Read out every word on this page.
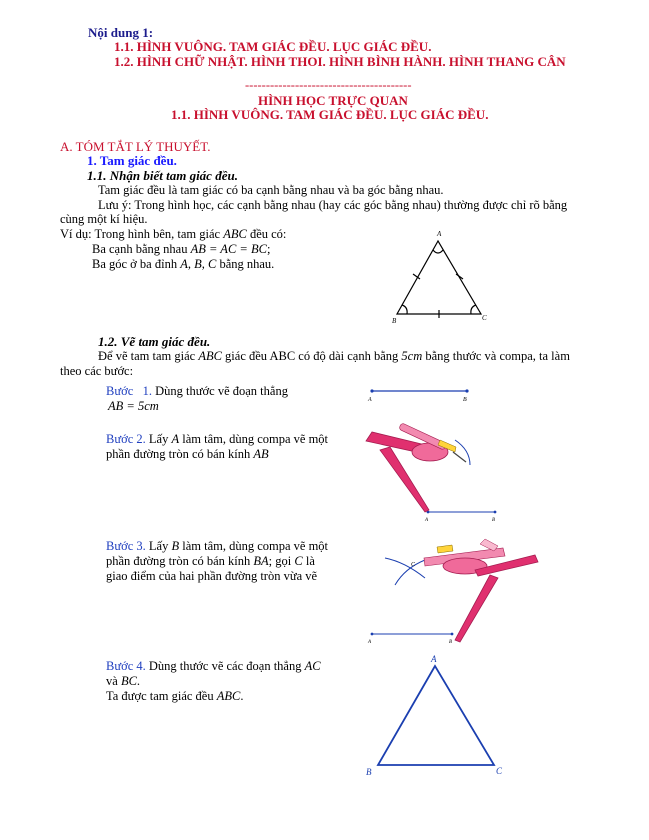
Nội dung 1:
1.1. HÌNH VUÔNG. TAM GIÁC ĐỀU. LỤC GIÁC ĐỀU.
1.2. HÌNH CHỮ NHẬT. HÌNH THOI. HÌNH BÌNH HÀNH. HÌNH THANG CÂN
----------------------------------------
HÌNH HỌC TRỰC QUAN
1.1. HÌNH VUÔNG. TAM GIÁC ĐỀU. LỤC GIÁC ĐỀU.
A. TÓM TẮT LÝ THUYẾT.
1. Tam giác đều.
1.1. Nhận biết tam giác đều.
Tam giác đều là tam giác có ba cạnh bằng nhau và ba góc bằng nhau.
Lưu ý: Trong hình học, các cạnh bằng nhau (hay các góc bằng nhau) thường được chỉ rõ bằng
cùng một kí hiệu.
Ví dụ: Trong hình bên, tam giác ABC đều có:
Ba cạnh bằng nhau AB = AC = BC;
Ba góc ở ba đỉnh A, B, C bằng nhau.
A
B	C
1.2. Vẽ tam giác đều.
Để vẽ tam tam giác ABC giác đều ABC có độ dài cạnh bằng 5cm bằng thước và compa, ta làm
theo các bước:
Bước 1. Dùng thước vẽ đoạn thẳng
AB = 5cm	A	B
Bước 2. Lấy A làm tâm, dùng compa vẽ một
phần đường tròn có bán kính AB
A	B
Bước 3. Lấy B làm tâm, dùng compa vẽ một
phần đường tròn có bán kính BA; gọi C là
giao điểm của hai phần đường tròn vừa vẽ
A	B
C
Bước 4. Dùng thước vẽ các đoạn thẳng AC
và BC.
Ta được tam giác đều ABC.
A
B	C
